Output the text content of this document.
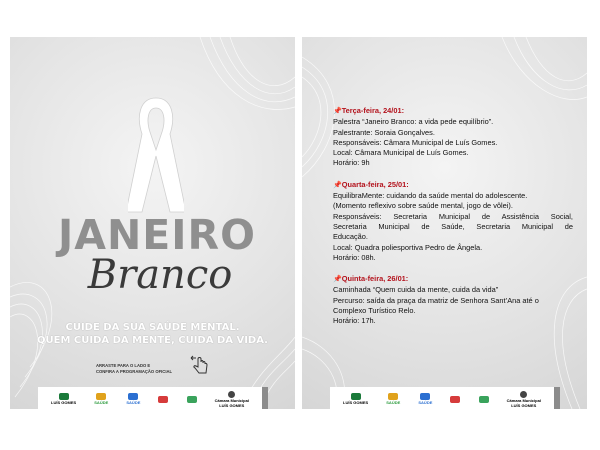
JANEIRO
Branco
CUIDE DA SUA SAÚDE MENTAL.
QUEM CUIDA DA MENTE, CUIDA DA VIDA.
ARRASTE PARA O LADO E
CONFIRA A PROGRAMAÇÃO OFICIAL
LUÍS GOMES	SAÚDE	SAÚDE	Câmara Municipal
LUÍS GOMES
📌Terça-feira, 24/01:
Palestra “Janeiro Branco: a vida pede equilíbrio”.
Palestrante: Soraia Gonçalves.
Responsáveis: Câmara Municipal de Luís Gomes.
Local: Câmara Municipal de Luís Gomes.
Horário: 9h
📌Quarta-feira, 25/01:
EquilibraMente: cuidando da saúde mental do adolescente.
(Momento reflexivo sobre saúde mental, jogo de vôlei).
Responsáveis: Secretaria Municipal de Assistência Social,
Secretaria Municipal de Saúde, Secretaria Municipal de
Educação.
Local: Quadra poliesportiva Pedro de Ângela.
Horário: 08h.
📌Quinta-feira, 26/01:
Caminhada “Quem cuida da mente, cuida da vida”
Percurso: saída da praça da matriz de Senhora Sant’Ana até o
Complexo Turístico Relo.
Horário: 17h.
LUÍS GOMES	SAÚDE	SAÚDE	Câmara Municipal
LUÍS GOMES
